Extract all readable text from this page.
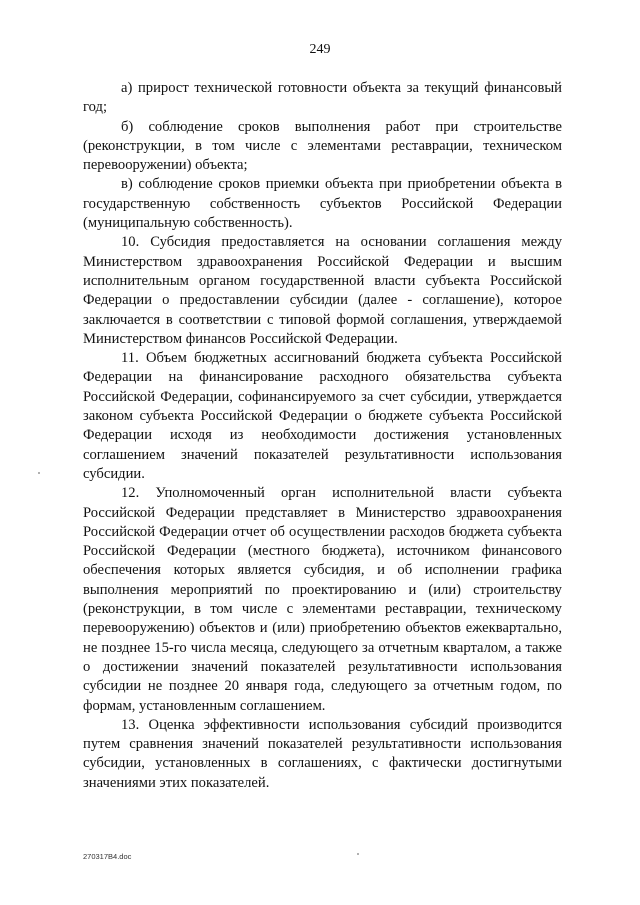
249

а) прирост технической готовности объекта за текущий финансовый год;

б) соблюдение сроков выполнения работ при строительстве (реконструкции, в том числе с элементами реставрации, техническом перевооружении) объекта;

в) соблюдение сроков приемки объекта при приобретении объекта в государственную собственность субъектов Российской Федерации (муниципальную собственность).

10. Субсидия предоставляется на основании соглашения между Министерством здравоохранения Российской Федерации и высшим исполнительным органом государственной власти субъекта Российской Федерации о предоставлении субсидии (далее - соглашение), которое заключается в соответствии с типовой формой соглашения, утверждаемой Министерством финансов Российской Федерации.

11. Объем бюджетных ассигнований бюджета субъекта Российской Федерации на финансирование расходного обязательства субъекта Российской Федерации, софинансируемого за счет субсидии, утверждается законом субъекта Российской Федерации о бюджете субъекта Российской Федерации исходя из необходимости достижения установленных соглашением значений показателей результативности использования субсидии.

12. Уполномоченный орган исполнительной власти субъекта Российской Федерации представляет в Министерство здравоохранения Российской Федерации отчет об осуществлении расходов бюджета субъекта Российской Федерации (местного бюджета), источником финансового обеспечения которых является субсидия, и об исполнении графика выполнения мероприятий по проектированию и (или) строительству (реконструкции, в том числе с элементами реставрации, техническому перевооружению) объектов и (или) приобретению объектов ежеквартально, не позднее 15-го числа месяца, следующего за отчетным кварталом, а также о достижении значений показателей результативности использования субсидии не позднее 20 января года, следующего за отчетным годом, по формам, установленным соглашением.

13. Оценка эффективности использования субсидий производится путем сравнения значений показателей результативности использования субсидии, установленных в соглашениях, с фактически достигнутыми значениями этих показателей.

270317В4.doc
